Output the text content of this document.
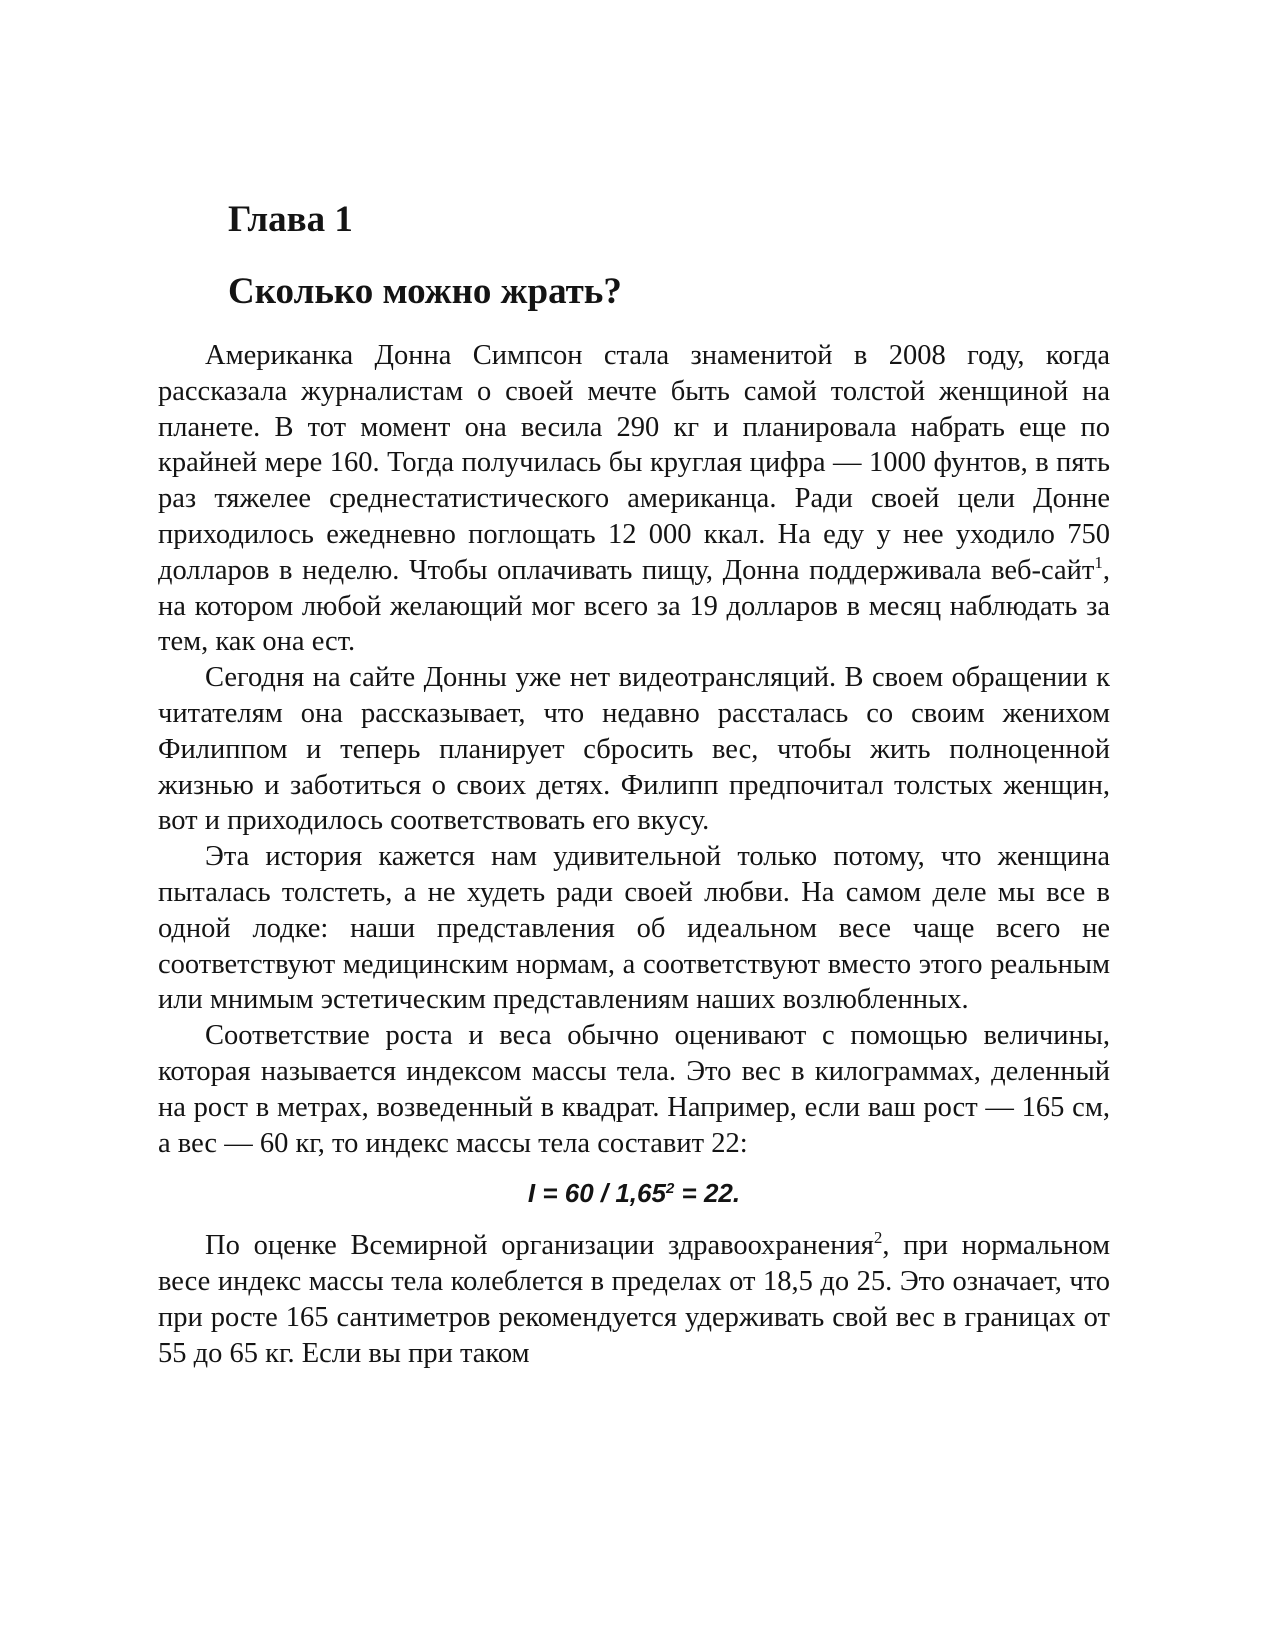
Глава 1
Сколько можно жрать?

Американка Донна Симпсон стала знаменитой в 2008 году, когда рассказала журналистам о своей мечте быть самой толстой женщиной на планете. В тот момент она весила 290 кг и планировала набрать еще по крайней мере 160. Тогда получилась бы круглая цифра — 1000 фунтов, в пять раз тяжелее среднестатистического американца. Ради своей цели Донне приходилось ежедневно поглощать 12 000 ккал. На еду у нее уходило 750 долларов в неделю. Чтобы оплачивать пищу, Донна поддерживала веб-сайт$^1$, на котором любой желающий мог всего за 19 долларов в месяц наблюдать за тем, как она ест.

Сегодня на сайте Донны уже нет видеотрансляций. В своем обращении к читателям она рассказывает, что недавно рассталась со своим женихом Филиппом и теперь планирует сбросить вес, чтобы жить полноценной жизнью и заботиться о своих детях. Филипп предпочитал толстых женщин, вот и приходилось соответствовать его вкусу.

Эта история кажется нам удивительной только потому, что женщина пыталась толстеть, а не худеть ради своей любви. На самом деле мы все в одной лодке: наши представления об идеальном весе чаще всего не соответствуют медицинским нормам, а соответствуют вместо этого реальным или мнимым эстетическим представлениям наших возлюбленных.

Соответствие роста и веса обычно оценивают с помощью величины, которая называется индексом массы тела. Это вес в килограммах, деленный на рост в метрах, возведенный в квадрат. Например, если ваш рост — 165 см, а вес — 60 кг, то индекс массы тела составит 22:

$I = 60 / 1,65^2 = 22$.

По оценке Всемирной организации здравоохранения$^2$, при нормальном весе индекс массы тела колеблется в пределах от 18,5 до 25. Это означает, что при росте 165 сантиметров рекомендуется удерживать свой вес в границах от 55 до 65 кг. Если вы при таком
